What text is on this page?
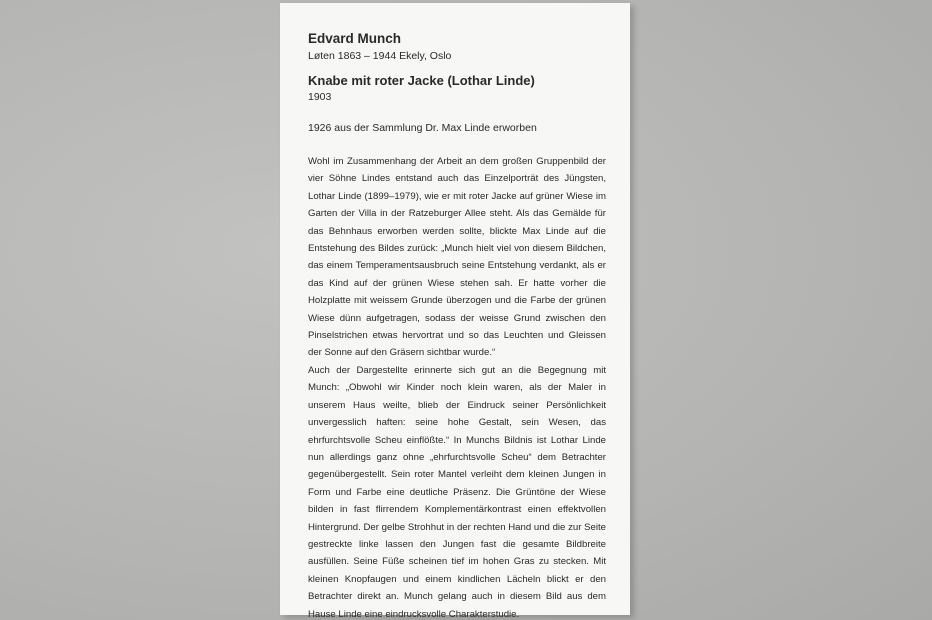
Edvard Munch
Løten 1863 – 1944 Ekely, Oslo
Knabe mit roter Jacke (Lothar Linde)
1903
1926 aus der Sammlung Dr. Max Linde erworben

Wohl im Zusammenhang der Arbeit an dem großen Gruppenbild der vier Söhne Lindes entstand auch das Einzelporträt des Jüngsten, Lothar Linde (1899–1979), wie er mit roter Jacke auf grüner Wiese im Garten der Villa in der Ratzeburger Allee steht. Als das Gemälde für das Behnhaus erworben werden sollte, blickte Max Linde auf die Entstehung des Bildes zurück: „Munch hielt viel von diesem Bildchen, das einem Temperamentsausbruch seine Entstehung verdankt, als er das Kind auf der grünen Wiese stehen sah. Er hatte vorher die Holzplatte mit weissem Grunde überzogen und die Farbe der grünen Wiese dünn aufgetragen, sodass der weisse Grund zwischen den Pinselstrichen etwas hervortrat und so das Leuchten und Gleissen der Sonne auf den Gräsern sichtbar wurde.“

Auch der Dargestellte erinnerte sich gut an die Begegnung mit Munch: „Obwohl wir Kinder noch klein waren, als der Maler in unserem Haus weilte, blieb der Eindruck seiner Persönlichkeit unvergesslich haften: seine hohe Gestalt, sein Wesen, das ehrfurchtsvolle Scheu einflößte.“ In Munchs Bildnis ist Lothar Linde nun allerdings ganz ohne „ehrfurchtsvolle Scheu“ dem Betrachter gegenübergestellt. Sein roter Mantel verleiht dem kleinen Jungen in Form und Farbe eine deutliche Präsenz. Die Grüntöne der Wiese bilden in fast flirrendem Komplementärkontrast einen effektvollen Hintergrund. Der gelbe Strohhut in der rechten Hand und die zur Seite gestreckte linke lassen den Jungen fast die gesamte Bildbreite ausfüllen. Seine Füße scheinen tief im hohen Gras zu stecken. Mit kleinen Knopfaugen und einem kindlichen Lächeln blickt er den Betrachter direkt an. Munch gelang auch in diesem Bild aus dem Hause Linde eine eindrucksvolle Charakterstudie.
